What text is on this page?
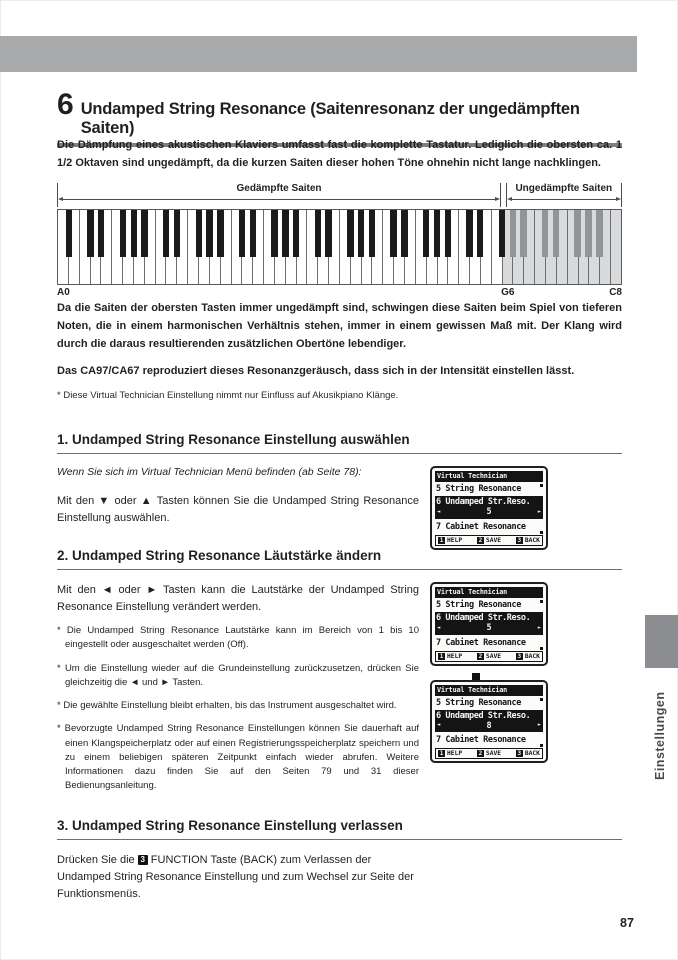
6 Undamped String Resonance (Saitenresonanz der ungedämpften Saiten)
Die Dämpfung eines akustischen Klaviers umfasst fast die komplette Tastatur. Lediglich die obersten ca. 1 1/2 Oktaven sind ungedämpft, da die kurzen Saiten dieser hohen Töne ohnehin nicht lange nachklingen.
Gedämpfte Saiten	Ungedämpfte Saiten
A0	G6	C8
Da die Saiten der obersten Tasten immer ungedämpft sind, schwingen diese Saiten beim Spiel von tieferen Noten, die in einem harmonischen Verhältnis stehen, immer in einem gewissen Maß mit. Der Klang wird durch die daraus resultierenden zusätzlichen Obertöne lebendiger.
Das CA97/CA67 reproduziert dieses Resonanzgeräusch, dass sich in der Intensität einstellen lässt.
* Diese Virtual Technician Einstellung nimmt nur Einfluss auf Akusikpiano Klänge.
1. Undamped String Resonance Einstellung auswählen
Wenn Sie sich im Virtual Technician Menü befinden (ab Seite 78):
Mit den ▼ oder ▲ Tasten können Sie die Undamped String Resonance Einstellung auswählen.
Virtual Technician
5 String Resonance
6 Undamped Str.Reso.
◄	5	►
7 Cabinet Resonance
1 HELP	2 SAVE	3 BACK
2. Undamped String Resonance Läutstärke ändern
Mit den ◄ oder ► Tasten kann die Lautstärke der Undamped String Resonance Einstellung verändert werden.
* Die Undamped String Resonance Lautstärke kann im Bereich von 1 bis 10 eingestellt oder ausgeschaltet werden (Off).
* Um die Einstellung wieder auf die Grundeinstellung zurückzusetzen, drücken Sie gleichzeitig die ◄ und ► Tasten.
* Die gewählte Einstellung bleibt erhalten, bis das Instrument ausgeschaltet wird.
* Bevorzugte Undamped String Resonance Einstellungen können Sie dauerhaft auf einen Klangspeicherplatz oder auf einen Registrierungsspeicherplatz speichern und zu einem beliebigen späteren Zeitpunkt einfach wieder abrufen. Weitere Informationen dazu finden Sie auf den Seiten 79 und 31 dieser Bedienungsanleitung.
Virtual Technician
5 String Resonance
6 Undamped Str.Reso.
◄	5	►
7 Cabinet Resonance
1 HELP	2 SAVE	3 BACK
Virtual Technician
5 String Resonance
6 Undamped Str.Reso.
◄	8	►
7 Cabinet Resonance
1 HELP	2 SAVE	3 BACK
3. Undamped String Resonance Einstellung verlassen
Drücken Sie die 3 FUNCTION Taste (BACK) zum Verlassen der Undamped String Resonance Einstellung und zum Wechsel zur Seite der Funktionsmenüs.
Einstellungen
87
